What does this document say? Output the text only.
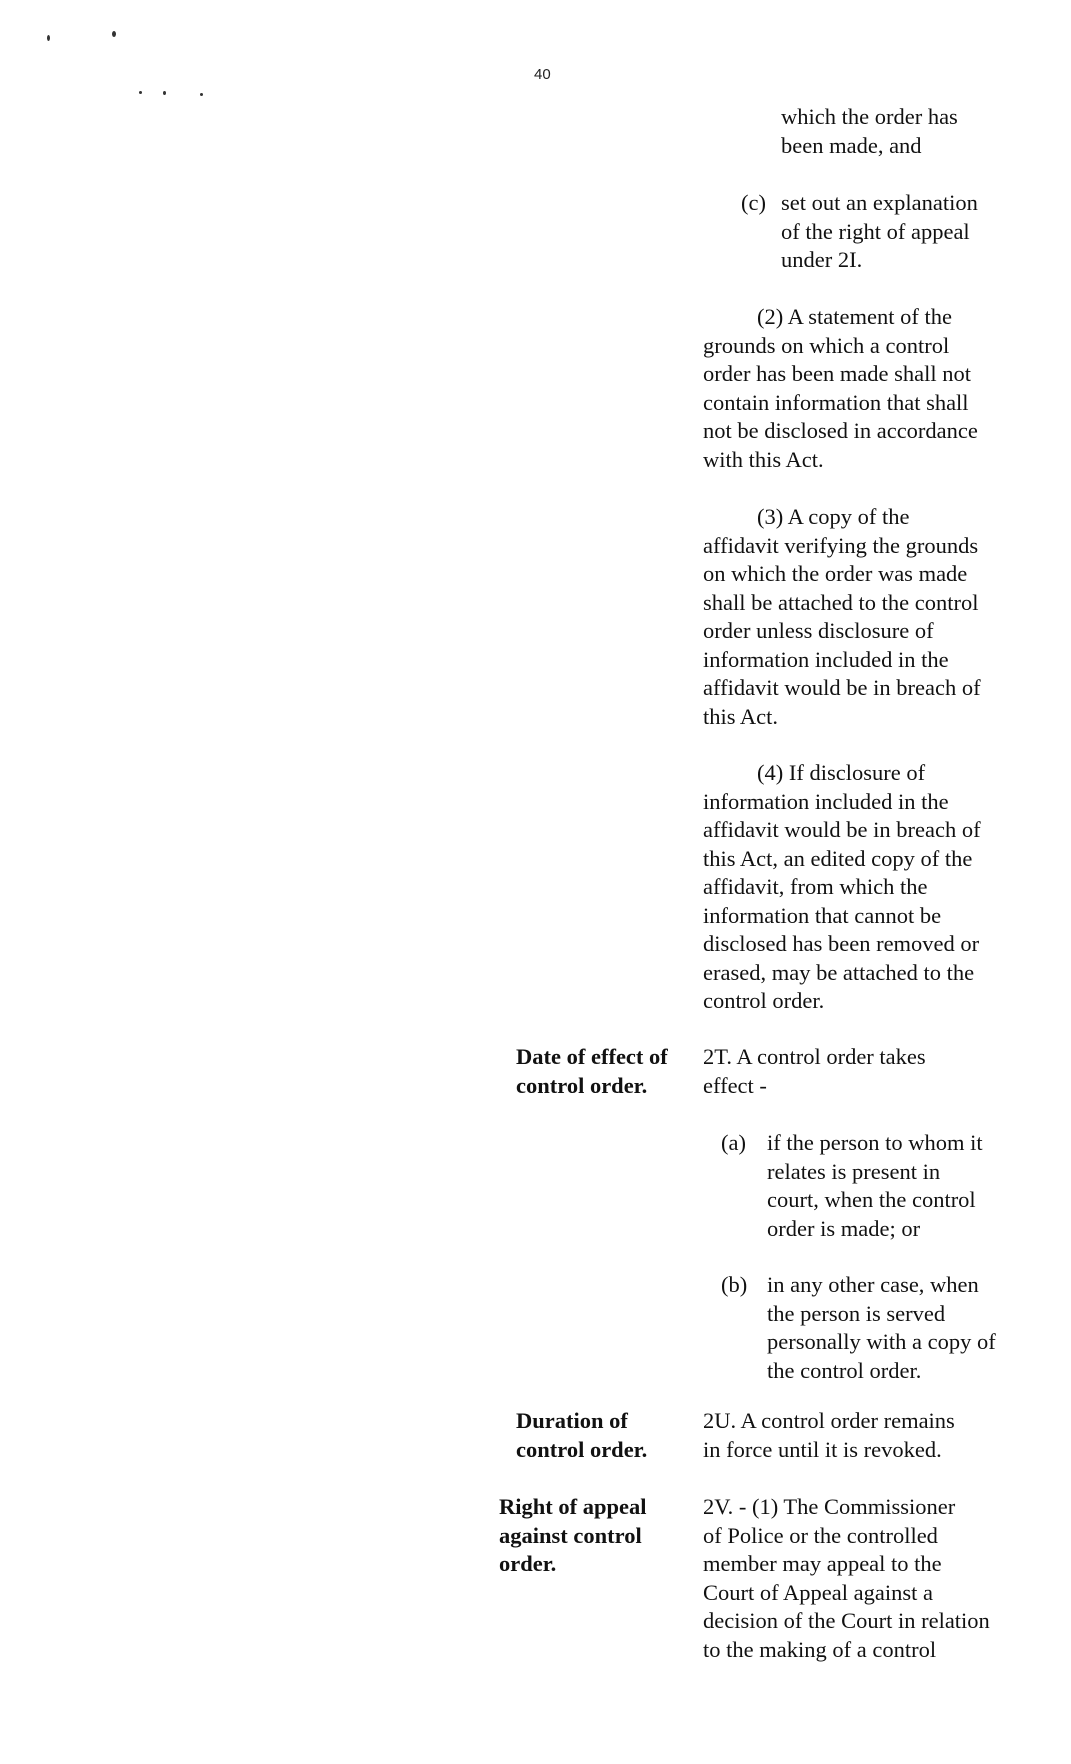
40
which the order has
been made, and
(c) set out an explanation
of the right of appeal
under 2I.
(2) A statement of the
grounds on which a control
order has been made shall not
contain information that shall
not be disclosed in accordance
with this Act.
(3) A copy of the
affidavit verifying the grounds
on which the order was made
shall be attached to the control
order unless disclosure of
information included in the
affidavit would be in breach of
this Act.
(4) If disclosure of
information included in the
affidavit would be in breach of
this Act, an edited copy of the
affidavit, from which the
information that cannot be
disclosed has been removed or
erased, may be attached to the
control order.
Date of effect of
control order.
2T. A control order takes
effect -
(a) if the person to whom it
relates is present in
court, when the control
order is made; or
(b) in any other case, when
the person is served
personally with a copy of
the control order.
Duration of
control order.
2U. A control order remains
in force until it is revoked.
Right of appeal
against control
order.
2V. - (1) The Commissioner
of Police or the controlled
member may appeal to the
Court of Appeal against a
decision of the Court in relation
to the making of a control
